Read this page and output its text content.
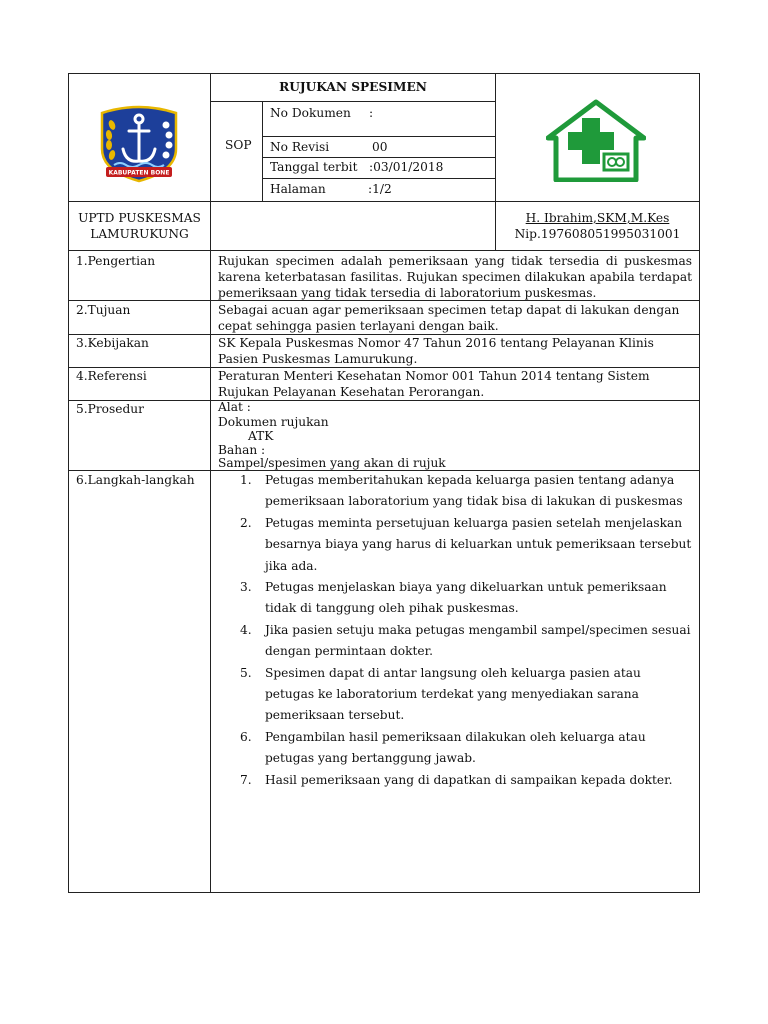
KABUPATEN BONE
RUJUKAN SPESIMEN
SOP
No Dokumen :
No Revisi	00
Tanggal terbit :03/01/2018
Halaman	:1/2
UPTD PUSKESMAS
LAMURUKUNG
H. Ibrahim,SKM,M.Kes
Nip.197608051995031001
1.Pengertian	Rujukan specimen adalah pemeriksaan yang tidak tersedia di puskesmas karena keterbatasan fasilitas. Rujukan specimen dilakukan apabila terdapat pemeriksaan yang tidak tersedia di laboratorium puskesmas.
2.Tujuan	Sebagai acuan agar pemeriksaan specimen tetap dapat di lakukan dengan cepat sehingga pasien terlayani dengan baik.
3.Kebijakan	SK Kepala Puskesmas Nomor 47 Tahun 2016 tentang Pelayanan Klinis Pasien Puskesmas Lamurukung.
4.Referensi	Peraturan Menteri Kesehatan Nomor 001 Tahun 2014 tentang Sistem Rujukan Pelayanan Kesehatan Perorangan.
5.Prosedur	Alat :
Dokumen rujukan
ATK
Bahan :
Sampel/spesimen yang akan di rujuk
6.Langkah-langkah	1. Petugas memberitahukan kepada keluarga pasien tentang adanya pemeriksaan laboratorium yang tidak bisa di lakukan di puskesmas
2. Petugas meminta persetujuan keluarga pasien setelah menjelaskan besarnya biaya yang harus di keluarkan untuk pemeriksaan tersebut jika ada.
3. Petugas menjelaskan biaya yang dikeluarkan untuk pemeriksaan tidak di tanggung oleh pihak puskesmas.
4. Jika pasien setuju maka petugas mengambil sampel/specimen sesuai dengan permintaan dokter.
5. Spesimen dapat di antar langsung oleh keluarga pasien atau petugas ke laboratorium terdekat yang menyediakan sarana pemeriksaan tersebut.
6. Pengambilan hasil pemeriksaan dilakukan oleh keluarga atau petugas yang bertanggung jawab.
7. Hasil pemeriksaan yang di dapatkan di sampaikan kepada dokter.
